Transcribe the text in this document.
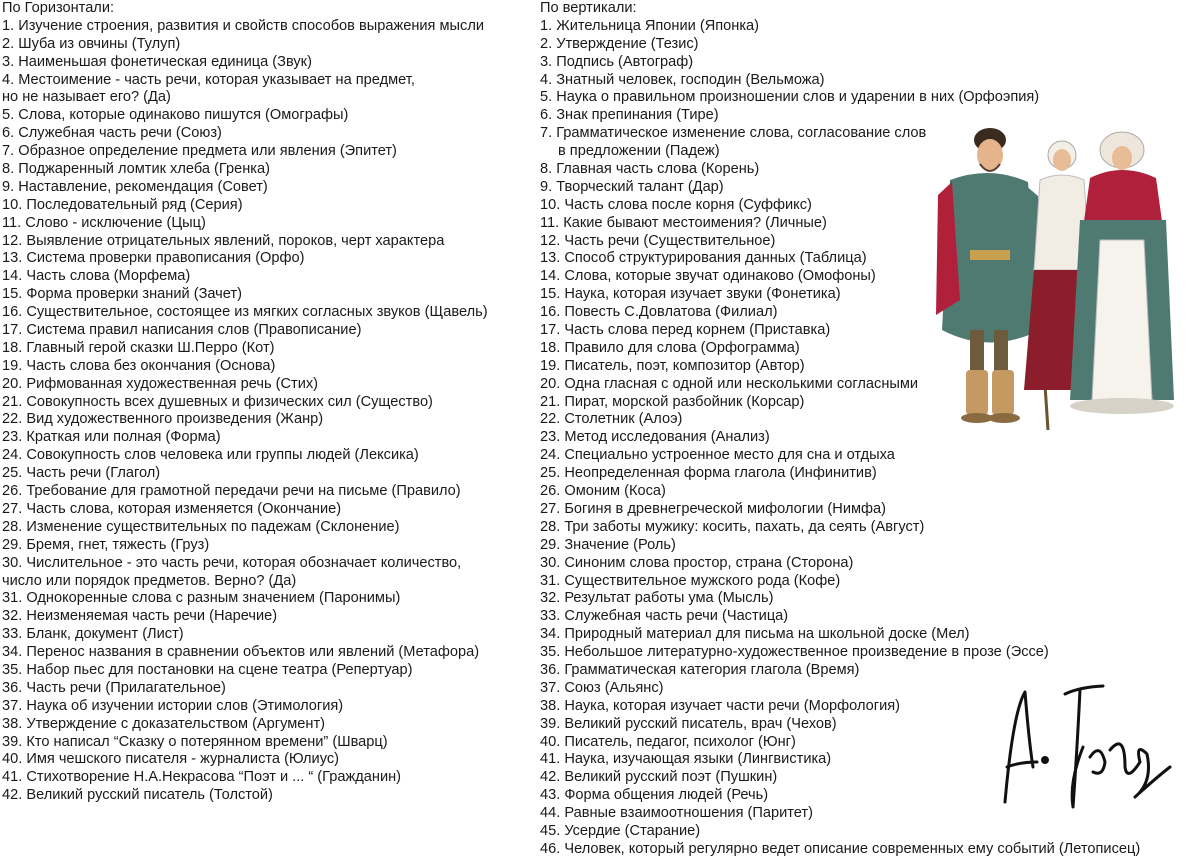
По Горизонтали:
1. Изучение строения, развития и свойств способов выражения мысли
2. Шуба из овчины (Тулуп)
3. Наименьшая фонетическая единица (Звук)
4. Местоимение - часть речи, которая указывает на предмет,
но не называет его? (Да)
5. Слова, которые одинаково пишутся (Омографы)
6. Служебная часть речи (Союз)
7. Образное определение предмета или явления (Эпитет)
8. Поджаренный ломтик хлеба (Гренка)
9. Наставление, рекомендация (Совет)
10. Последовательный ряд (Серия)
11. Слово - исключение (Цыц)
12. Выявление отрицательных явлений, пороков, черт характера
13. Система проверки правописания (Орфо)
14. Часть слова (Морфема)
15. Форма проверки знаний (Зачет)
16. Существительное, состоящее из мягких согласных звуков (Щавель)
17. Система правил написания слов (Правописание)
18. Главный герой сказки Ш.Перро (Кот)
19. Часть слова без окончания (Основа)
20. Рифмованная художественная речь (Стих)
21. Совокупность всех душевных и физических сил (Существо)
22. Вид художественного произведения (Жанр)
23. Краткая или полная (Форма)
24. Совокупность слов человека или группы людей (Лексика)
25. Часть речи (Глагол)
26. Требование для грамотной передачи речи на письме (Правило)
27. Часть слова, которая изменяется (Окончание)
28. Изменение существительных по падежам (Склонение)
29. Бремя, гнет, тяжесть (Груз)
30. Числительное - это часть речи, которая обозначает количество,
число или порядок предметов. Верно? (Да)
31. Однокоренные слова с разным значением (Паронимы)
32. Неизменяемая часть речи (Наречие)
33. Бланк, документ (Лист)
34. Перенос названия в сравнении объектов или явлений (Метафора)
35. Набор пьес для постановки на сцене театра (Репертуар)
36. Часть речи (Прилагательное)
37. Наука об изучении истории слов (Этимология)
38. Утверждение с доказательством (Аргумент)
39. Кто написал “Сказку о потерянном времени” (Шварц)
40. Имя чешского писателя - журналиста (Юлиус)
41. Стихотворение Н.А.Некрасова “Поэт и ... “ (Гражданин)
42. Великий русский писатель (Толстой)
По вертикали:
1. Жительница Японии (Японка)
2. Утверждение (Тезис)
3. Подпись (Автограф)
4. Знатный человек, господин (Вельможа)
5. Наука о правильном произношении слов и ударении в них (Орфоэпия)
6. Знак препинания (Тире)
7. Грамматическое изменение слова, согласование слов
в предложении (Падеж)
8. Главная часть слова (Корень)
9. Творческий талант (Дар)
10. Часть слова после корня (Суффикс)
11. Какие бывают местоимения? (Личные)
12. Часть речи (Существительное)
13. Способ структурирования данных (Таблица)
14. Слова, которые звучат одинаково (Омофоны)
15. Наука, которая изучает звуки (Фонетика)
16. Повесть С.Довлатова (Филиал)
17. Часть слова перед корнем (Приставка)
18. Правило для слова (Орфограмма)
19. Писатель, поэт, композитор (Автор)
20. Одна гласная с одной или несколькими согласными
21. Пират, морской разбойник (Корсар)
22. Столетник (Алоэ)
23. Метод исследования (Анализ)
24. Специально устроенное место для сна и отдыха
25. Неопределенная форма глагола (Инфинитив)
26. Омоним (Коса)
27. Богиня в древнегреческой мифологии (Нимфа)
28. Три заботы мужику: косить, пахать, да сеять (Август)
29. Значение (Роль)
30. Синоним слова простор, страна (Сторона)
31. Существительное мужского рода (Кофе)
32. Результат работы ума (Мысль)
33. Служебная часть речи (Частица)
34. Природный материал для письма на школьной доске (Мел)
35. Небольшое литературно-художественное произведение в прозе (Эссе)
36. Грамматическая категория глагола (Время)
37. Союз (Альянс)
38. Наука, которая изучает части речи (Морфология)
39. Великий русский писатель, врач (Чехов)
40. Писатель, педагог, психолог (Юнг)
41. Наука, изучающая языки (Лингвистика)
42. Великий русский поэт (Пушкин)
43. Форма общения людей (Речь)
44. Равные взаимоотношения (Паритет)
45. Усердие (Старание)
46. Человек, который регулярно ведет описание современных ему событий (Летописец)
